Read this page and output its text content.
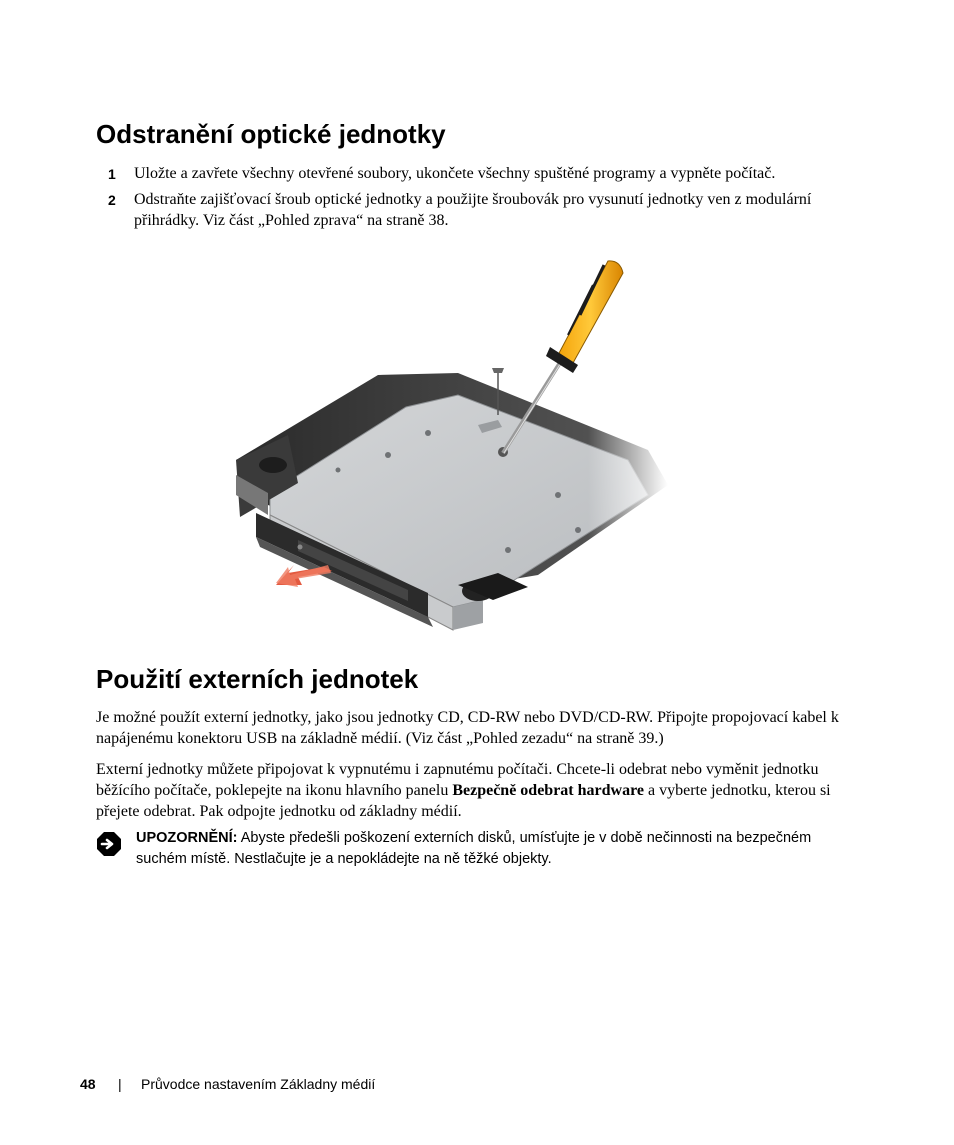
Odstranění optické jednotky
1 Uložte a zavřete všechny otevřené soubory, ukončete všechny spuštěné programy a vypněte počítač.
2 Odstraňte zajišťovací šroub optické jednotky a použijte šroubovák pro vysunutí jednotky ven z modulární přihrádky. Viz část „Pohled zprava“ na straně 38.
Použití externích jednotek

Je možné použít externí jednotky, jako jsou jednotky CD, CD-RW nebo DVD/CD-RW. Připojte propojovací kabel k napájenému konektoru USB na základně médií. (Viz část „Pohled zezadu“ na straně 39.)

Externí jednotky můžete připojovat k vypnutému i zapnutému počítači. Chcete-li odebrat nebo vyměnit jednotku běžícího počítače, poklepejte na ikonu hlavního panelu Bezpečně odebrat hardware a vyberte jednotku, kterou si přejete odebrat. Pak odpojte jednotku od základny médií.

UPOZORNĚNÍ: Abyste předešli poškození externích disků, umísťujte je v době nečinnosti na bezpečném suchém místě. Nestlačujte je a nepokládejte na ně těžké objekty.
48 | Průvodce nastavením Základny médií
